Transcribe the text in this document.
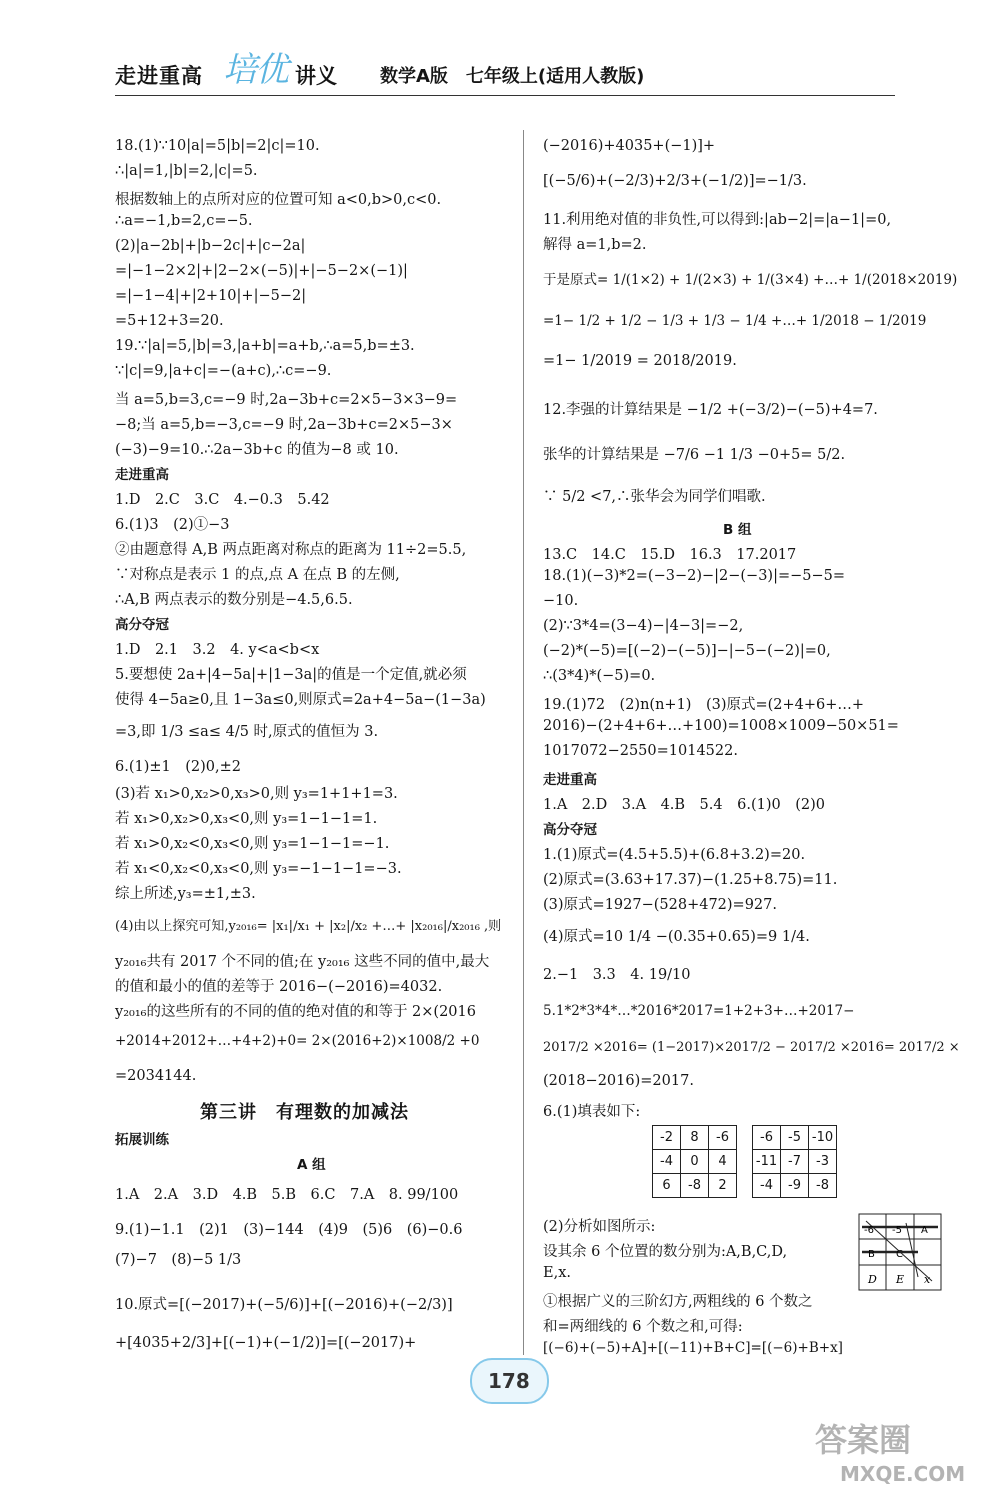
走进重高 培优 讲义 数学A版　七年级上(适用人教版)
18.(1)∵10|a|=5|b|=2|c|=10.
∴|a|=1,|b|=2,|c|=5.
根据数轴上的点所对应的位置可知 a<0,b>0,c<0.
∴a=−1,b=2,c=−5.
(2)|a−2b|+|b−2c|+|c−2a|
=|−1−2×2|+|2−2×(−5)|+|−5−2×(−1)|
=|−1−4|+|2+10|+|−5−2|
=5+12+3=20.
19.∵|a|=5,|b|=3,|a+b|=a+b,∴a=5,b=±3.
∵|c|=9,|a+c|=−(a+c),∴c=−9.
当 a=5,b=3,c=−9 时,2a−3b+c=2×5−3×3−9=
−8;当 a=5,b=−3,c=−9 时,2a−3b+c=2×5−3×
(−3)−9=10.∴2a−3b+c 的值为−8 或 10.
走进重高
1.D　2.C　3.C　4.−0.3　5.42
6.(1)3　(2)①−3
②由题意得 A,B 两点距离对称点的距离为 11÷2=5.5,
∵对称点是表示 1 的点,点 A 在点 B 的左侧,
∴A,B 两点表示的数分别是−4.5,6.5.
高分夺冠
1.D　2.1　3.2　4. y<a<b<x
5.要想使 2a+|4−5a|+|1−3a|的值是一个定值,就必须
使得 4−5a≥0,且 1−3a≤0,则原式=2a+4−5a−(1−3a)
=3,即 1/3 ≤a≤ 4/5 时,原式的值恒为 3.
6.(1)±1　(2)0,±2
(3)若 x₁>0,x₂>0,x₃>0,则 y₃=1+1+1=3.
若 x₁>0,x₂>0,x₃<0,则 y₃=1−1−1=1.
若 x₁>0,x₂<0,x₃<0,则 y₃=1−1−1=−1.
若 x₁<0,x₂<0,x₃<0,则 y₃=−1−1−1=−3.
综上所述,y₃=±1,±3.
(4)由以上探究可知,y₂₀₁₆= |x₁|/x₁ + |x₂|/x₂ +…+ |x₂₀₁₆|/x₂₀₁₆ ,则
y₂₀₁₆共有 2017 个不同的值;在 y₂₀₁₆ 这些不同的值中,最大
的值和最小的值的差等于 2016−(−2016)=4032.
y₂₀₁₆的这些所有的不同的值的绝对值的和等于 2×(2016
+2014+2012+…+4+2)+0= 2×(2016+2)×1008/2 +0
=2034144.
拓展训练
A 组
1.A　2.A　3.D　4.B　5.B　6.C　7.A　8. 99/100
9.(1)−1.1　(2)1　(3)−144　(4)9　(5)6　(6)−0.6
(7)−7　(8)−5 1/3
10.原式=[(−2017)+(−5/6)]+[(−2016)+(−2/3)]
+[4035+2/3]+[(−1)+(−1/2)]=[(−2017)+
第三讲　有理数的加减法
(−2016)+4035+(−1)]+
[(−5/6)+(−2/3)+2/3+(−1/2)]=−1/3.
11.利用绝对值的非负性,可以得到:|ab−2|=|a−1|=0,
解得 a=1,b=2.
于是原式= 1/(1×2) + 1/(2×3) + 1/(3×4) +…+ 1/(2018×2019)
=1− 1/2 + 1/2 − 1/3 + 1/3 − 1/4 +…+ 1/2018 − 1/2019
=1− 1/2019 = 2018/2019.
12.李强的计算结果是 −1/2 +(−3/2)−(−5)+4=7.
张华的计算结果是 −7/6 −1 1/3 −0+5= 5/2.
∵ 5/2 <7,∴张华会为同学们唱歌.
B 组
13.C　14.C　15.D　16.3　17.2017
18.(1)(−3)*2=(−3−2)−|2−(−3)|=−5−5=
−10.
(2)∵3*4=(3−4)−|4−3|=−2,
(−2)*(−5)=[(−2)−(−5)]−|−5−(−2)|=0,
∴(3*4)*(−5)=0.
19.(1)72　(2)n(n+1)　(3)原式=(2+4+6+…+
2016)−(2+4+6+…+100)=1008×1009−50×51=
1017072−2550=1014522.
走进重高
1.A　2.D　3.A　4.B　5.4　6.(1)0　(2)0
高分夺冠
1.(1)原式=(4.5+5.5)+(6.8+3.2)=20.
(2)原式=(3.63+17.37)−(1.25+8.75)=11.
(3)原式=1927−(528+472)=927.
(4)原式=10 1/4 −(0.35+0.65)=9 1/4.
2.−1　3.3　4. 19/10
5.1*2*3*4*…*2016*2017=1+2+3+…+2017−
2017/2 ×2016= (1−2017)×2017/2 − 2017/2 ×2016= 2017/2 ×
(2018−2016)=2017.
6.(1)填表如下:
(2)分析如图所示:
设其余 6 个位置的数分别为:A,B,C,D,
E,x.
①根据广义的三阶幻方,两粗线的 6 个数之
和=两细线的 6 个数之和,可得:
[(−6)+(−5)+A]+[(−11)+B+C]=[(−6)+B+x]
-2	8	-6
-4	0	4
6	-8	2
-6	-5	-10
-11	-7	-3
-4	-9	-8
-6 -5 A
B C
D E x
178
答案圈
MXQE.COM
